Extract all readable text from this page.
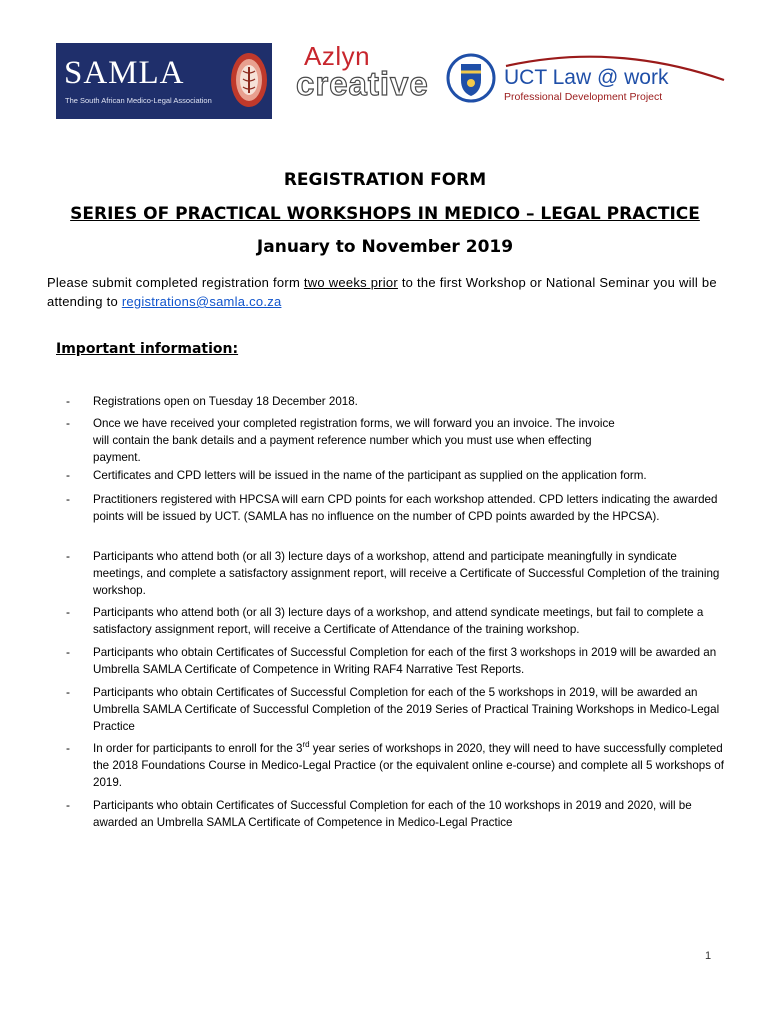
SAMLA
The South African Medico-Legal Association
Azlyn
creative	UCT Law @ work
Professional Development Project
REGISTRATION FORM
SERIES OF PRACTICAL WORKSHOPS IN MEDICO – LEGAL PRACTICE
January to November 2019
Please submit completed registration form two weeks prior to the first Workshop or National Seminar you will be attending to registrations@samla.co.za
Important information:
- Registrations open on Tuesday 18 December 2018.
- Once we have received your completed registration forms, we will forward you an invoice. The invoice will contain the bank details and a payment reference number which you must use when effecting payment.
- Certificates and CPD letters will be issued in the name of the participant as supplied on the application form.
- Practitioners registered with HPCSA will earn CPD points for each workshop attended. CPD letters indicating the awarded points will be issued by UCT. (SAMLA has no influence on the number of CPD points awarded by the HPCSA).
- Participants who attend both (or all 3) lecture days of a workshop, attend and participate meaningfully in syndicate meetings, and complete a satisfactory assignment report, will receive a Certificate of Successful Completion of the training workshop.
- Participants who attend both (or all 3) lecture days of a workshop, and attend syndicate meetings, but fail to complete a satisfactory assignment report, will receive a Certificate of Attendance of the training workshop.
- Participants who obtain Certificates of Successful Completion for each of the first 3 workshops in 2019 will be awarded an Umbrella SAMLA Certificate of Competence in Writing RAF4 Narrative Test Reports.
- Participants who obtain Certificates of Successful Completion for each of the 5 workshops in 2019, will be awarded an Umbrella SAMLA Certificate of Successful Completion of the 2019 Series of Practical Training Workshops in Medico-Legal Practice
- In order for participants to enroll for the 3rd year series of workshops in 2020, they will need to have successfully completed the 2018 Foundations Course in Medico-Legal Practice (or the equivalent online e-course) and complete all 5 workshops of 2019.
- Participants who obtain Certificates of Successful Completion for each of the 10 workshops in 2019 and 2020, will be awarded an Umbrella SAMLA Certificate of Competence in Medico-Legal Practice
1
